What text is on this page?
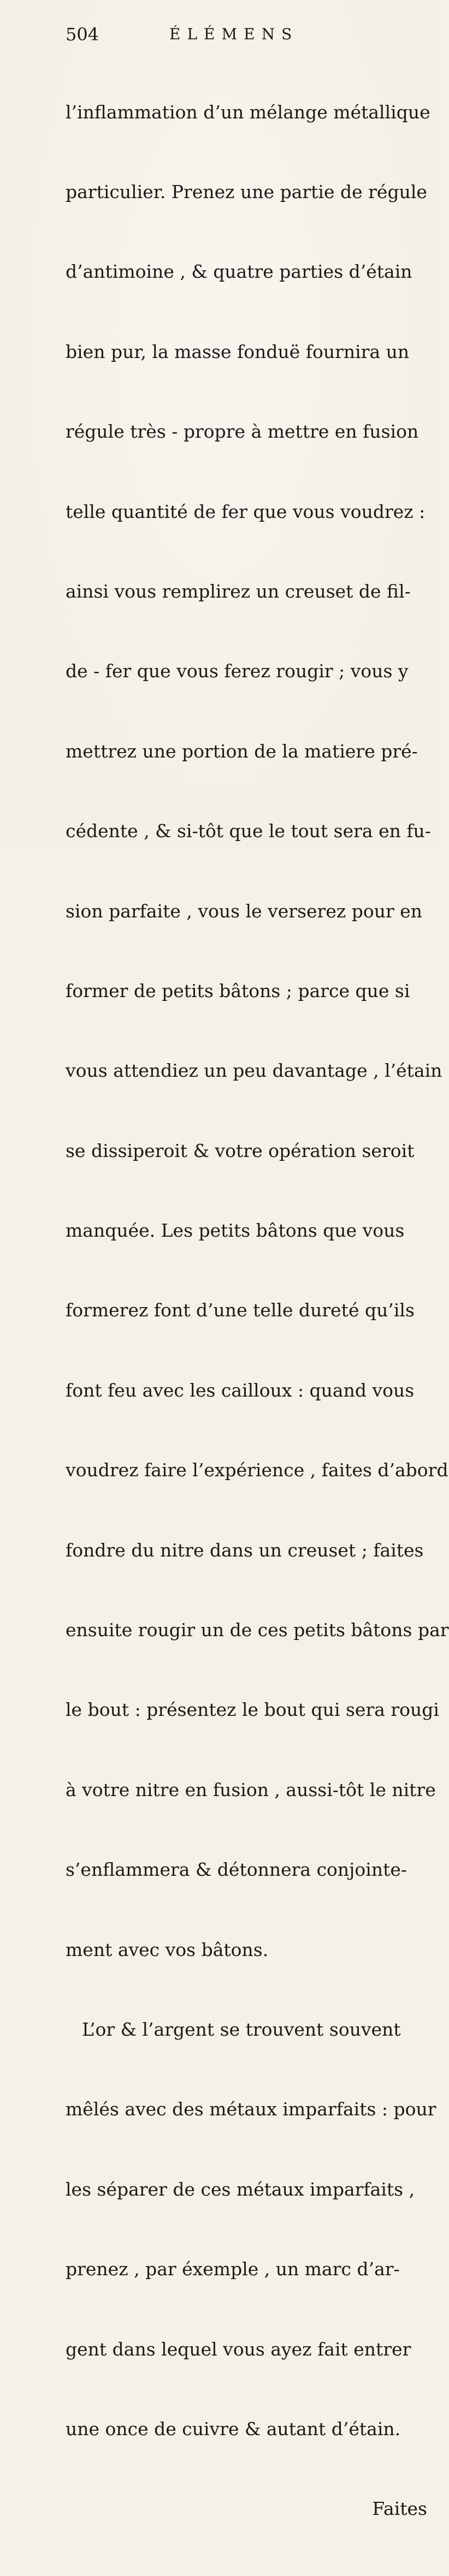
504	ÉLÉMENS

l’inflammation d’un mélange métallique

particulier. Prenez une partie de régule

d’antimoine , & quatre parties d’étain

bien pur, la masse fonduë fournira un

régule très - propre à mettre en fusion

telle quantité de fer que vous voudrez :

ainsi vous remplirez un creuset de fil-

de - fer que vous ferez rougir ; vous y

mettrez une portion de la matiere pré-

cédente , & si-tôt que le tout sera en fu-

sion parfaite , vous le verserez pour en

former de petits bâtons ; parce que si

vous attendiez un peu davantage , l’étain

se dissiperoit & votre opération seroit

manquée. Les petits bâtons que vous

formerez font d’une telle dureté qu’ils

font feu avec les cailloux : quand vous

voudrez faire l’expérience , faites d’abord

fondre du nitre dans un creuset ; faites

ensuite rougir un de ces petits bâtons par

le bout : présentez le bout qui sera rougi

à votre nitre en fusion , aussi-tôt le nitre

s’enflammera & détonnera conjointe-

ment avec vos bâtons.

L’or & l’argent se trouvent souvent

mêlés avec des métaux imparfaits : pour

les séparer de ces métaux imparfaits ,

prenez , par éxemple , un marc d’ar-

gent dans lequel vous ayez fait entrer

une once de cuivre & autant d’étain.

Faites
